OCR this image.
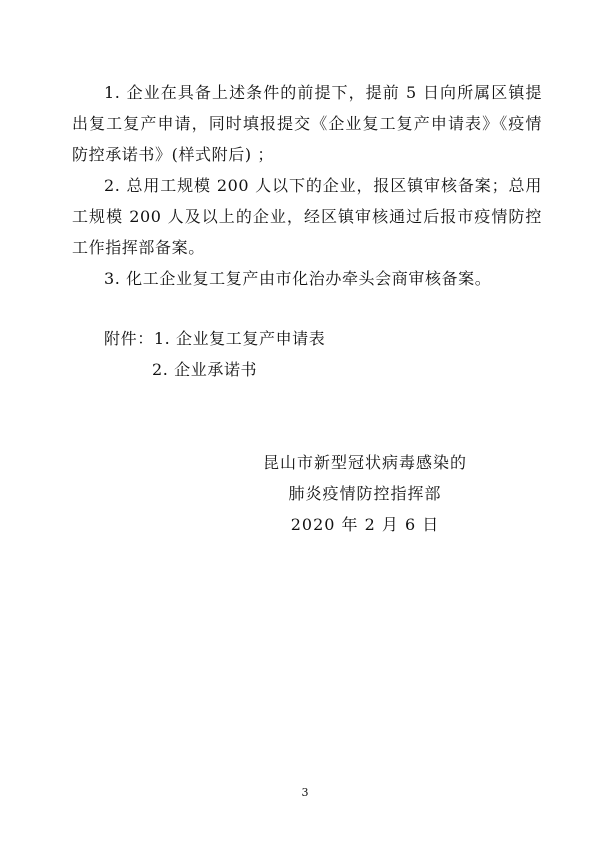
1. 企业在具备上述条件的前提下，提前 5 日向所属区镇提出复工复产申请，同时填报提交《企业复工复产申请表》《疫情防控承诺书》(样式附后) ；

2. 总用工规模 200 人以下的企业，报区镇审核备案；总用工规模 200 人及以上的企业，经区镇审核通过后报市疫情防控工作指挥部备案。

3. 化工企业复工复产由市化治办牵头会商审核备案。

附件：1. 企业复工复产申请表
2. 企业承诺书
昆山市新型冠状病毒感染的
肺炎疫情防控指挥部
2020 年 2 月 6 日
3
